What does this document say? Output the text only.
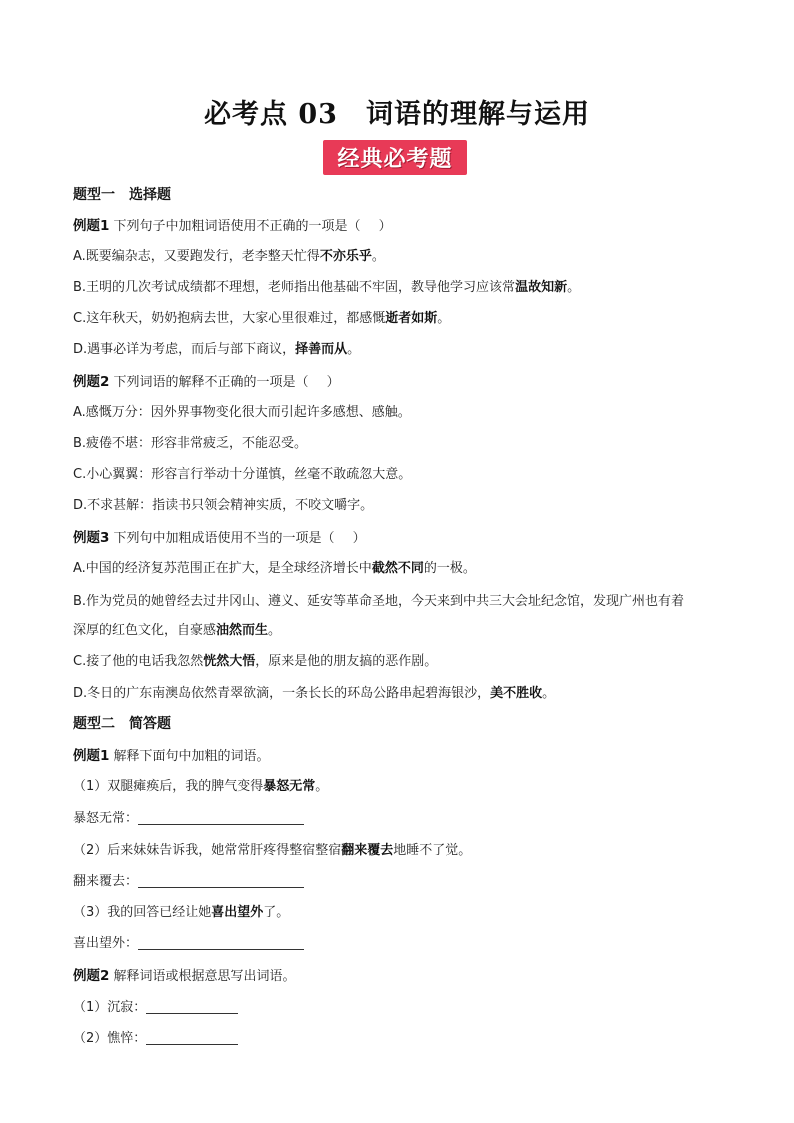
必考点 03　词语的理解与运用
经典必考题
题型一 选择题
例题1 下列句子中加粗词语使用不正确的一项是（ ）
A.既要编杂志，又要跑发行，老李整天忙得不亦乐乎。
B.王明的几次考试成绩都不理想，老师指出他基础不牢固，教导他学习应该常温故知新。
C.这年秋天，奶奶抱病去世，大家心里很难过，都感慨逝者如斯。
D.遇事必详为考虑，而后与部下商议，择善而从。
例题2 下列词语的解释不正确的一项是（ ）
A.感慨万分：因外界事物变化很大而引起许多感想、感触。
B.疲倦不堪：形容非常疲乏，不能忍受。
C.小心翼翼：形容言行举动十分谨慎，丝毫不敢疏忽大意。
D.不求甚解：指读书只领会精神实质，不咬文嚼字。
例题3 下列句中加粗成语使用不当的一项是（ ）
A.中国的经济复苏范围正在扩大，是全球经济增长中截然不同的一极。
B.作为党员的她曾经去过井冈山、遵义、延安等革命圣地，今天来到中共三大会址纪念馆，发现广州也有着
深厚的红色文化，自豪感油然而生。
C.接了他的电话我忽然恍然大悟，原来是他的朋友搞的恶作剧。
D.冬日的广东南澳岛依然青翠欲滴，一条长长的环岛公路串起碧海银沙，美不胜收。
题型二 简答题
例题1 解释下面句中加粗的词语。
（1）双腿瘫痪后，我的脾气变得暴怒无常。
暴怒无常：
（2）后来妹妹告诉我，她常常肝疼得整宿整宿翻来覆去地睡不了觉。
翻来覆去：
（3）我的回答已经让她喜出望外了。
喜出望外：
例题2 解释词语或根据意思写出词语。
（1）沉寂：
（2）憔悴：
